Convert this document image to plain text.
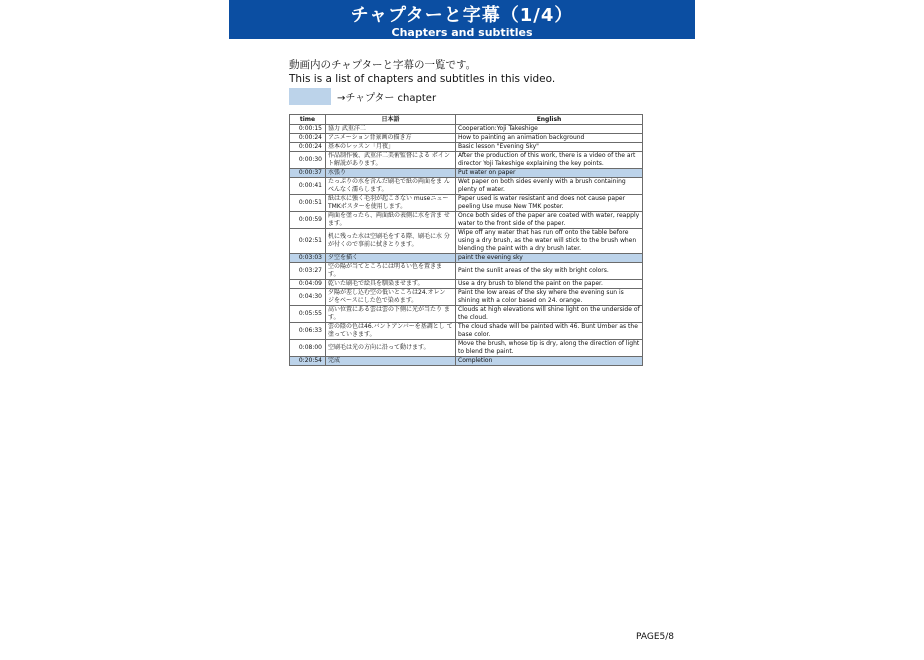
チャプターと字幕（1/4）
Chapters and subtitles
動画内のチャプターと字幕の一覧です。
This is a list of chapters and subtitles in this video.
→チャプター chapter
time	日本語	English
0:00:15	協力 武重洋二	Cooperation:Yoji Takeshige
0:00:24	アニメーション背景画の描き方	How to painting an animation background
0:00:24	基本のレッスン「月夜」	Basic lesson "Evening Sky"
0:00:30	作品制作後、武重洋二美術監督による ポイント解説があります。	After the production of this work, there is a video of the art director Yoji Takeshige explaining the key points.
0:00:37	水張り	Put water on paper
0:00:41	たっぷりの水を含んだ刷毛で紙の両面をま んべんなく濡らします。	Wet paper on both sides evenly with a brush containing plenty of water.
0:00:51	紙は水に強く毛羽が起こさない museニューTMKポスターを使用します。	Paper used is water resistant and does not cause paper peeling Use muse New TMK poster.
0:00:59	両面を塗ったら、両面紙の表側に水を含ま せます。	Once both sides of the paper are coated with water, reapply water to the front side of the paper.
0:02:51	机に残った水は空刷毛をする際、刷毛に水 分が付くので事前に拭きとります。	Wipe off any water that has run off onto the table before using a dry brush, as the water will stick to the brush when blending the paint with a dry brush later.
0:03:03	夕空を描く	paint the evening sky
0:03:27	空の陽が当てところには明るい色を置きま す。	Paint the sunlit areas of the sky with bright colors.
0:04:09	乾いた刷毛で絵具を馴染ませます。	Use a dry brush to blend the paint on the paper.
0:04:30	夕陽が差し込む空の低いところは24.オレン ジをベースにした色で染めます。	Paint the low areas of the sky where the evening sun is shining with a color based on 24. orange.
0:05:55	高い位置にある雲は雲の下側に光が当たり ます。	Clouds at high elevations will shine light on the underside of the cloud.
0:06:33	雲の陰の色は46.バントアンバーを基調とし て塗っていきます。	The cloud shade will be painted with 46. Bunt Umber as the base color.
0:08:00	空刷毛は光の方向に沿って動けます。	Move the brush, whose tip is dry, along the direction of light to blend the paint.
0:20:54	完成	Completion
PAGE5/8
